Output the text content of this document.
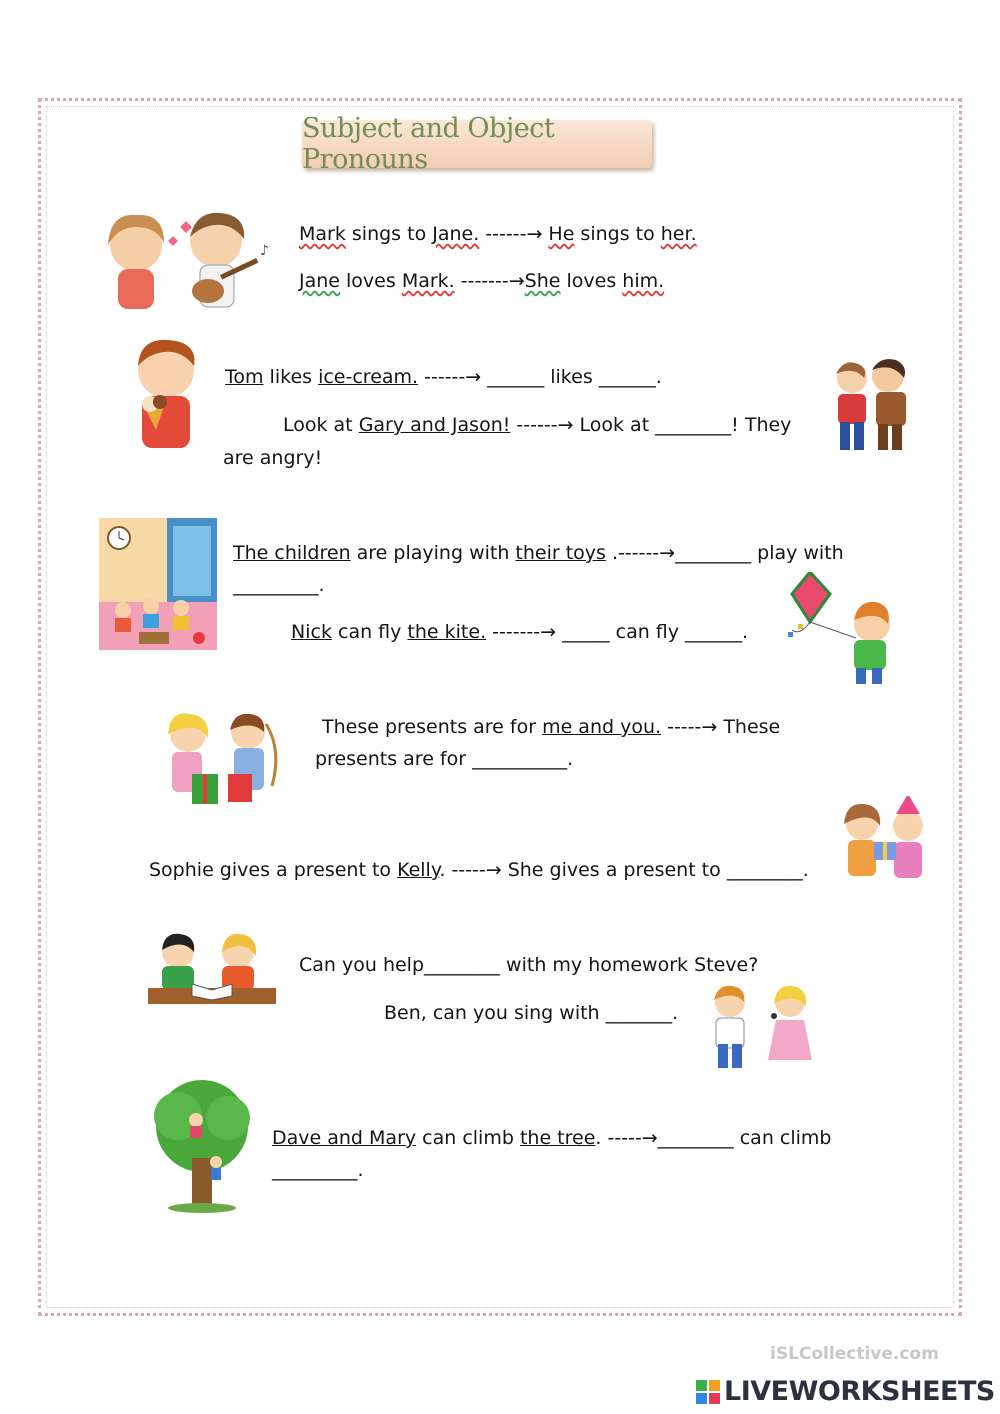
Subject and Object Pronouns
♪
Mark sings to Jane. ------→ He sings to her.
Jane loves Mark. -------→She loves him.
Tom likes ice-cream. ------→ ______ likes ______.
Look at Gary and Jason! ------→ Look at ________! They
are angry!
The children are playing with their toys .------→________ play with
_________.
Nick can fly the kite. -------→ _____ can fly ______.
These presents are for me and you. -----→ These
presents are for __________.
Sophie gives a present to Kelly. -----→ She gives a present to ________.
Can you help________ with my homework Steve?
Ben, can you sing with _______.
Dave and Mary can climb the tree. -----→________ can climb
_________.
iSLCollective.com
LIVEWORKSHEETS
